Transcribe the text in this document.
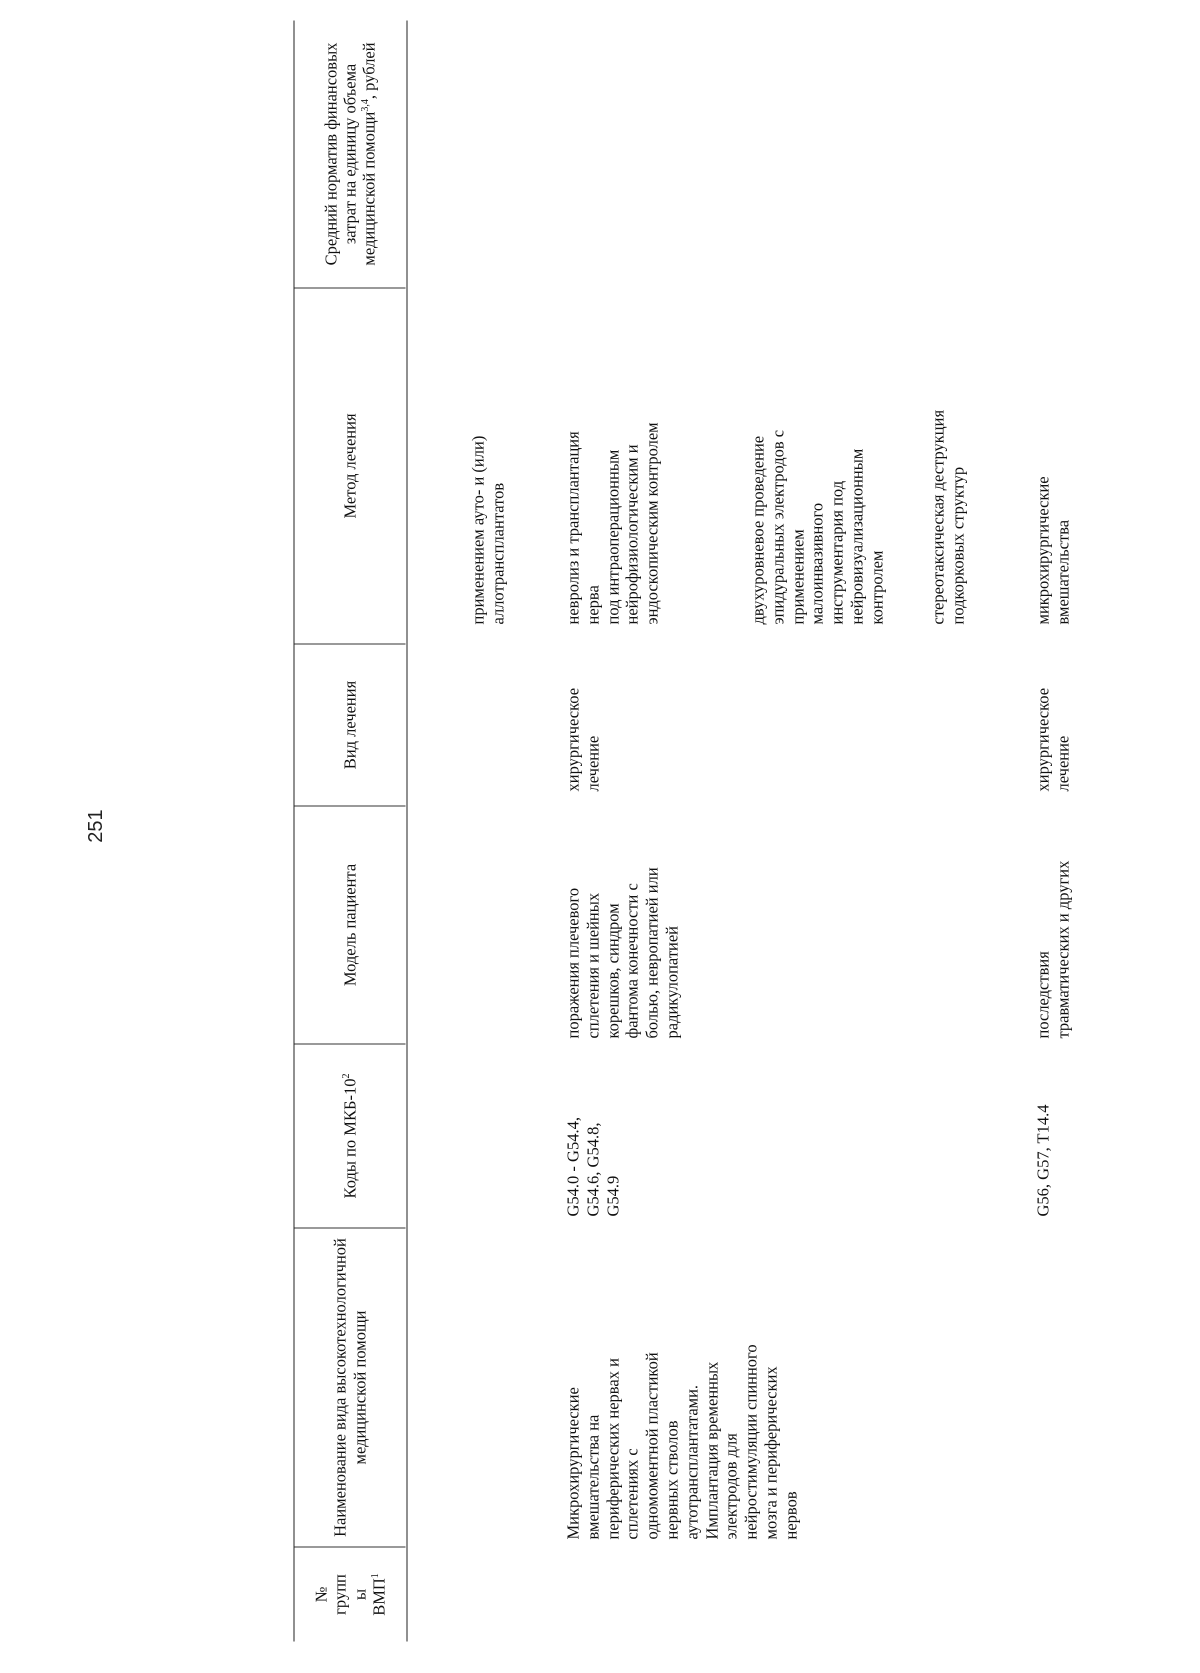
251
№
групп
ы
ВМП$^1$
Наименование вида высокотехнологичной медицинской помощи
Коды по МКБ-$10^2$
Модель пациента
Вид лечения
Метод лечения
Средний норматив финансовых затрат на единицу объема медицинской помощи$^{3,4}$, рублей
применением ауто- и (или)
аллотрансплантатов
Микрохирургические
вмешательства на
периферических нервах и
сплетениях с
одномоментной пластикой
нервных стволов
аутотрансплантатами.
Имплантация временных
электродов для
нейростимуляции спинного
мозга и периферических
нервов
G54.0 - G54.4,
G54.6, G54.8,
G54.9
поражения плечевого
сплетения и шейных
корешков, синдром
фантома конечности с
болью, невропатией или
радикулопатией
хирургическое
лечение
невролиз и трансплантация
нерва
под интраоперационным
нейрофизиологическим и
эндоскопическим контролем
двухуровневое проведение
эпидуральных электродов с
применением
малоинвазивного
инструментария под
нейровизуализационным
контролем	стереотаксическая деструкция
подкорковых структур
G56, G57, T14.4
последствия
травматических и других
хирургическое
лечение
микрохирургические
вмешательства
